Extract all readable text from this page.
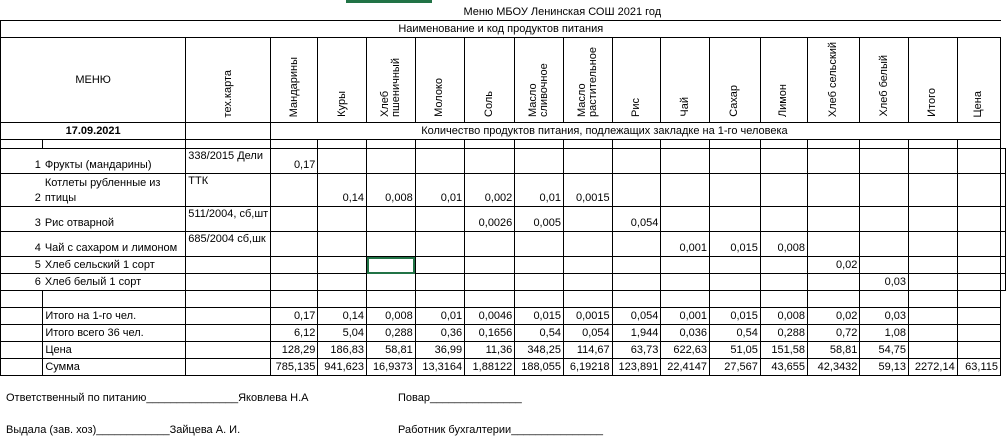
						Меню МБОУ Ленинская СОШ 2021 год												
Наименование и код продуктов питания																		
МЕНЮ		тех.карта	Мандарины	Куры	Хлеб пшеничный	Молоко	Соль	Масло сливочное	Масло растительное	Рис	Чай	Сахар	Лимон	Хлеб сельский	Хлеб белый	Итого	Цена	
17.09.2021			Количество продуктов питания, подлежащих закладке на 1-го человека															

1	Фрукты (мандарины)	338/2015 Дели	0,17															
2	Котлеты рубленные из птицы	ТТК		0,14	0,008	0,01	0,002	0,01	0,0015									
3	Рис отварной	511/2004, сб,шт					0,0026	0,005		0,054								
4	Чай с сахаром и лимоном	685/2004 сб,шк									0,001	0,015	0,008					
5	Хлеб сельский 1 сорт													0,02				
6	Хлеб белый 1 сорт														0,03			

	Итого на 1-го чел.		0,17	0,14	0,008	0,01	0,0046	0,015	0,0015	0,054	0,001	0,015	0,008	0,02	0,03			
	Итого всего 36 чел.		6,12	5,04	0,288	0,36	0,1656	0,54	0,054	1,944	0,036	0,54	0,288	0,72	1,08			
	Цена		128,29	186,83	58,81	36,99	11,36	348,25	114,67	63,73	622,63	51,05	151,58	58,81	54,75			
	Сумма		785,135	941,623	16,9373	13,3164	1,88122	188,055	6,19218	123,891	22,4147	27,567	43,655	42,3432	59,13	2272,14	63,115	
Ответственный по питанию_______________Яковлева Н.А	Повар_______________
Выдала (зав. хоз)____________Зайцева А. И.	Работник бухгалтерии_______________
